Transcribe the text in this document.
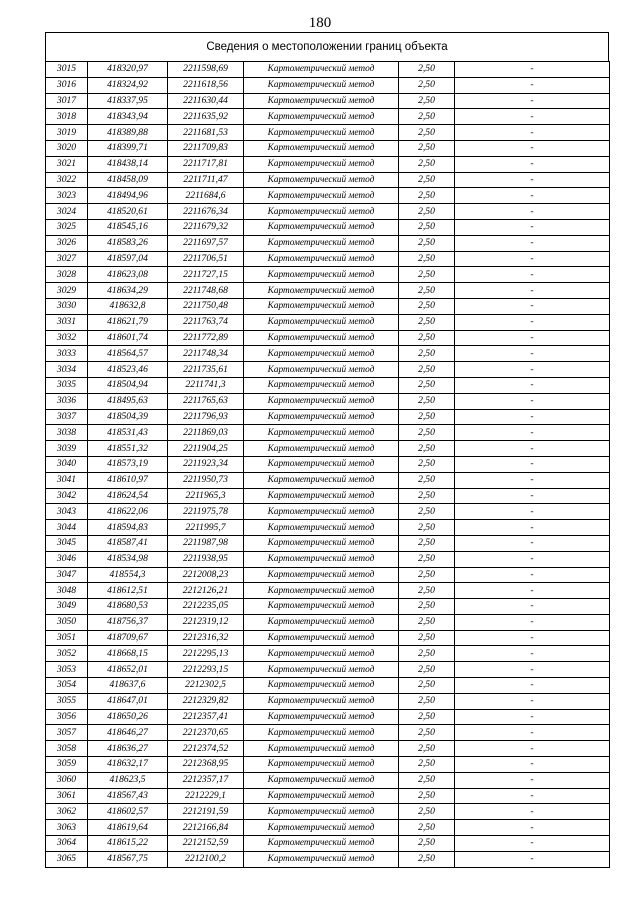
180
Сведения о местоположении границ объекта
3015	418320,97	2211598,69	Картометрический метод	2,50	-
3016	418324,92	2211618,56	Картометрический метод	2,50	-
3017	418337,95	2211630,44	Картометрический метод	2,50	-
3018	418343,94	2211635,92	Картометрический метод	2,50	-
3019	418389,88	2211681,53	Картометрический метод	2,50	-
3020	418399,71	2211709,83	Картометрический метод	2,50	-
3021	418438,14	2211717,81	Картометрический метод	2,50	-
3022	418458,09	2211711,47	Картометрический метод	2,50	-
3023	418494,96	2211684,6	Картометрический метод	2,50	-
3024	418520,61	2211676,34	Картометрический метод	2,50	-
3025	418545,16	2211679,32	Картометрический метод	2,50	-
3026	418583,26	2211697,57	Картометрический метод	2,50	-
3027	418597,04	2211706,51	Картометрический метод	2,50	-
3028	418623,08	2211727,15	Картометрический метод	2,50	-
3029	418634,29	2211748,68	Картометрический метод	2,50	-
3030	418632,8	2211750,48	Картометрический метод	2,50	-
3031	418621,79	2211763,74	Картометрический метод	2,50	-
3032	418601,74	2211772,89	Картометрический метод	2,50	-
3033	418564,57	2211748,34	Картометрический метод	2,50	-
3034	418523,46	2211735,61	Картометрический метод	2,50	-
3035	418504,94	2211741,3	Картометрический метод	2,50	-
3036	418495,63	2211765,63	Картометрический метод	2,50	-
3037	418504,39	2211796,93	Картометрический метод	2,50	-
3038	418531,43	2211869,03	Картометрический метод	2,50	-
3039	418551,32	2211904,25	Картометрический метод	2,50	-
3040	418573,19	2211923,34	Картометрический метод	2,50	-
3041	418610,97	2211950,73	Картометрический метод	2,50	-
3042	418624,54	2211965,3	Картометрический метод	2,50	-
3043	418622,06	2211975,78	Картометрический метод	2,50	-
3044	418594,83	2211995,7	Картометрический метод	2,50	-
3045	418587,41	2211987,98	Картометрический метод	2,50	-
3046	418534,98	2211938,95	Картометрический метод	2,50	-
3047	418554,3	2212008,23	Картометрический метод	2,50	-
3048	418612,51	2212126,21	Картометрический метод	2,50	-
3049	418680,53	2212235,05	Картометрический метод	2,50	-
3050	418756,37	2212319,12	Картометрический метод	2,50	-
3051	418709,67	2212316,32	Картометрический метод	2,50	-
3052	418668,15	2212295,13	Картометрический метод	2,50	-
3053	418652,01	2212293,15	Картометрический метод	2,50	-
3054	418637,6	2212302,5	Картометрический метод	2,50	-
3055	418647,01	2212329,82	Картометрический метод	2,50	-
3056	418650,26	2212357,41	Картометрический метод	2,50	-
3057	418646,27	2212370,65	Картометрический метод	2,50	-
3058	418636,27	2212374,52	Картометрический метод	2,50	-
3059	418632,17	2212368,95	Картометрический метод	2,50	-
3060	418623,5	2212357,17	Картометрический метод	2,50	-
3061	418567,43	2212229,1	Картометрический метод	2,50	-
3062	418602,57	2212191,59	Картометрический метод	2,50	-
3063	418619,64	2212166,84	Картометрический метод	2,50	-
3064	418615,22	2212152,59	Картометрический метод	2,50	-
3065	418567,75	2212100,2	Картометрический метод	2,50	-
